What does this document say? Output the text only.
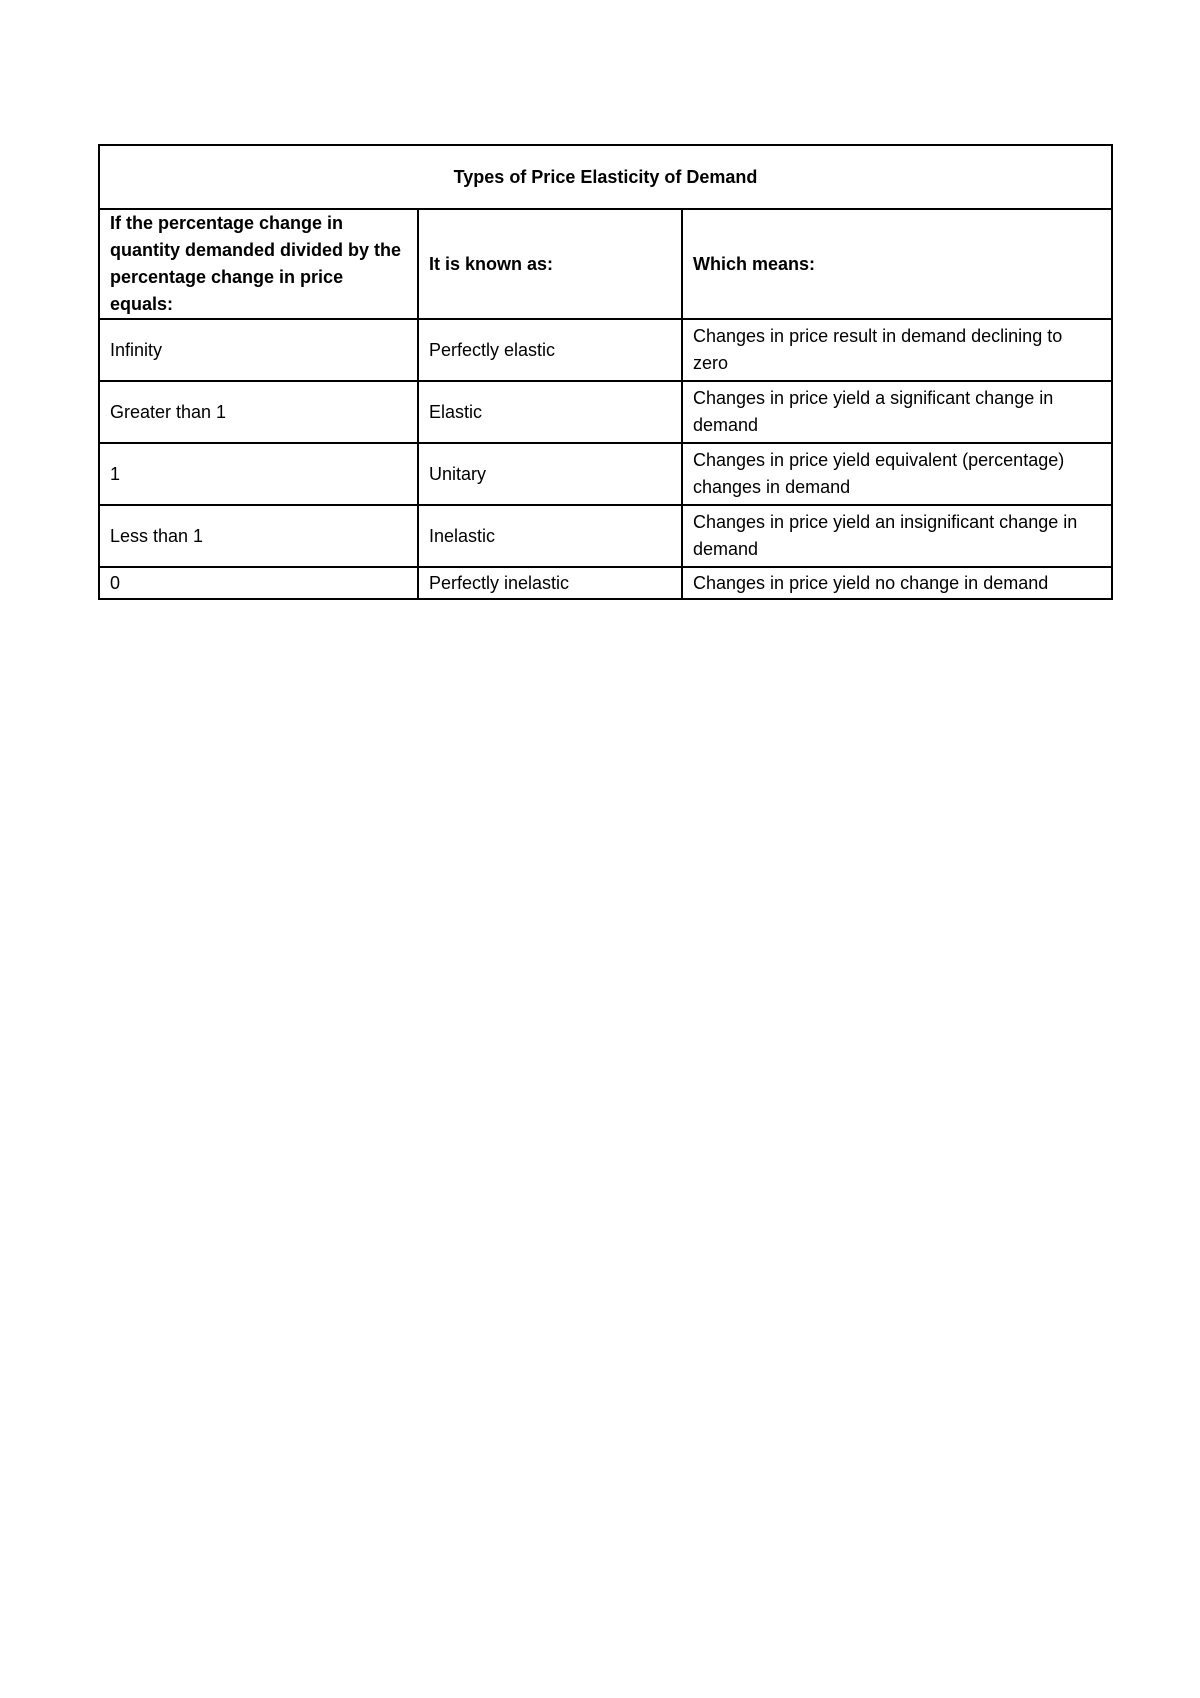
Types of Price Elasticity of Demand		
If the percentage change in quantity demanded divided by the percentage change in price equals:	It is known as:	Which means:
Infinity	Perfectly elastic	Changes in price result in demand declining to zero
Greater than 1	Elastic	Changes in price yield a significant change in demand
1	Unitary	Changes in price yield equivalent (percentage) changes in demand
Less than 1	Inelastic	Changes in price yield an insignificant change in demand
0	Perfectly inelastic	Changes in price yield no change in demand
